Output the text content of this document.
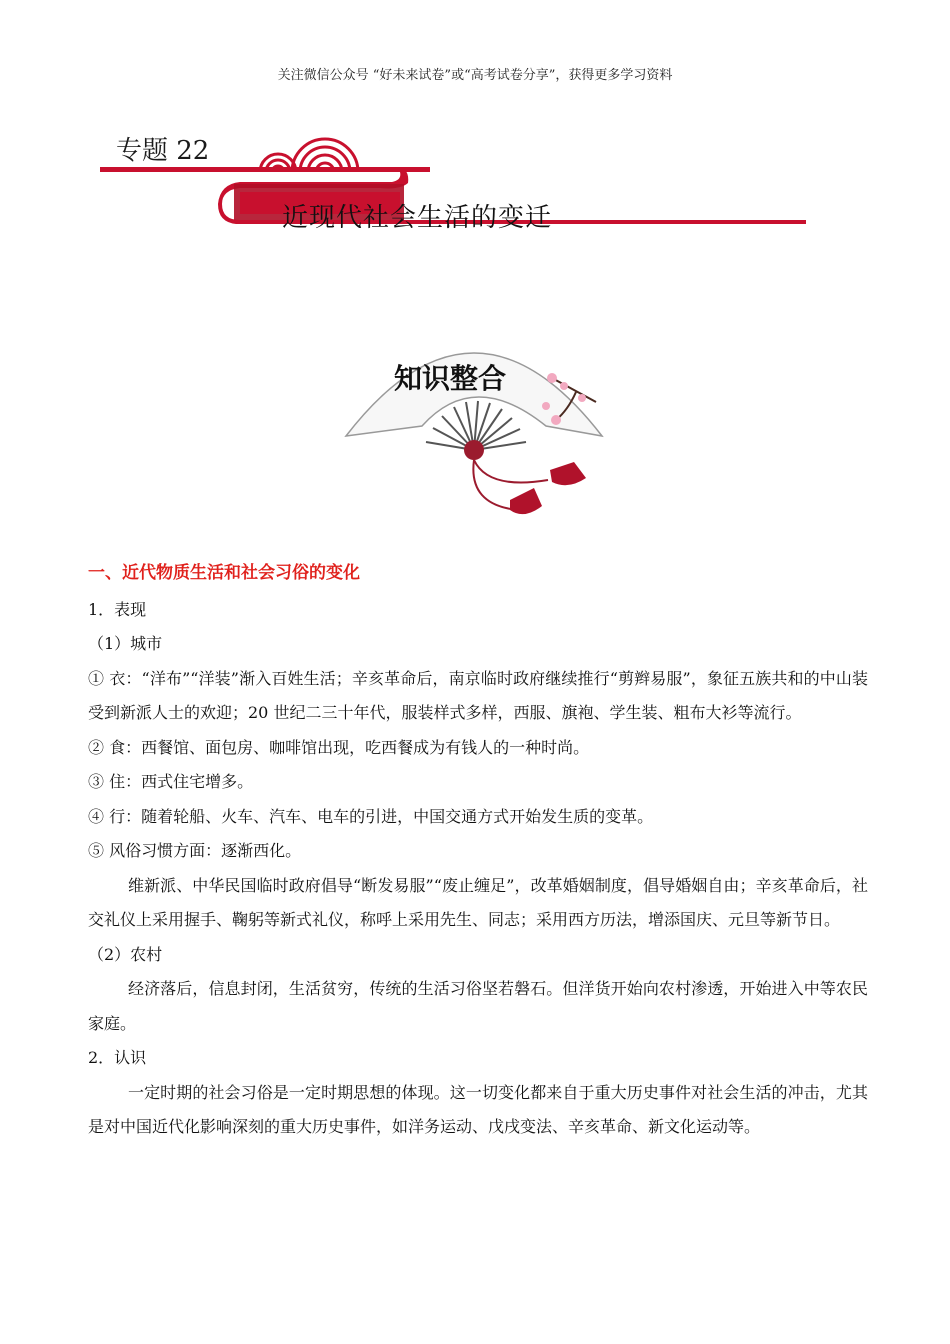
关注微信公众号 “好未来试卷”或“高考试卷分享”，获得更多学习资料
专题 22
近现代社会生活的变迁
知识整合
一、近代物质生活和社会习俗的变化

1．表现

（1）城市

① 衣：“洋布”“洋装”渐入百姓生活；辛亥革命后，南京临时政府继续推行“剪辫易服”，象征五族共和的中山装受到新派人士的欢迎；20 世纪二三十年代，服装样式多样，西服、旗袍、学生装、粗布大衫等流行。

② 食：西餐馆、面包房、咖啡馆出现，吃西餐成为有钱人的一种时尚。

③ 住：西式住宅增多。

④ 行：随着轮船、火车、汽车、电车的引进，中国交通方式开始发生质的变革。

⑤ 风俗习惯方面：逐渐西化。

维新派、中华民国临时政府倡导“断发易服”“废止缠足”，改革婚姻制度，倡导婚姻自由；辛亥革命后，社交礼仪上采用握手、鞠躬等新式礼仪，称呼上采用先生、同志；采用西方历法，增添国庆、元旦等新节日。

（2）农村

经济落后，信息封闭，生活贫穷，传统的生活习俗坚若磐石。但洋货开始向农村渗透，开始进入中等农民家庭。

2．认识

一定时期的社会习俗是一定时期思想的体现。这一切变化都来自于重大历史事件对社会生活的冲击，尤其是对中国近代化影响深刻的重大历史事件，如洋务运动、戊戌变法、辛亥革命、新文化运动等。
